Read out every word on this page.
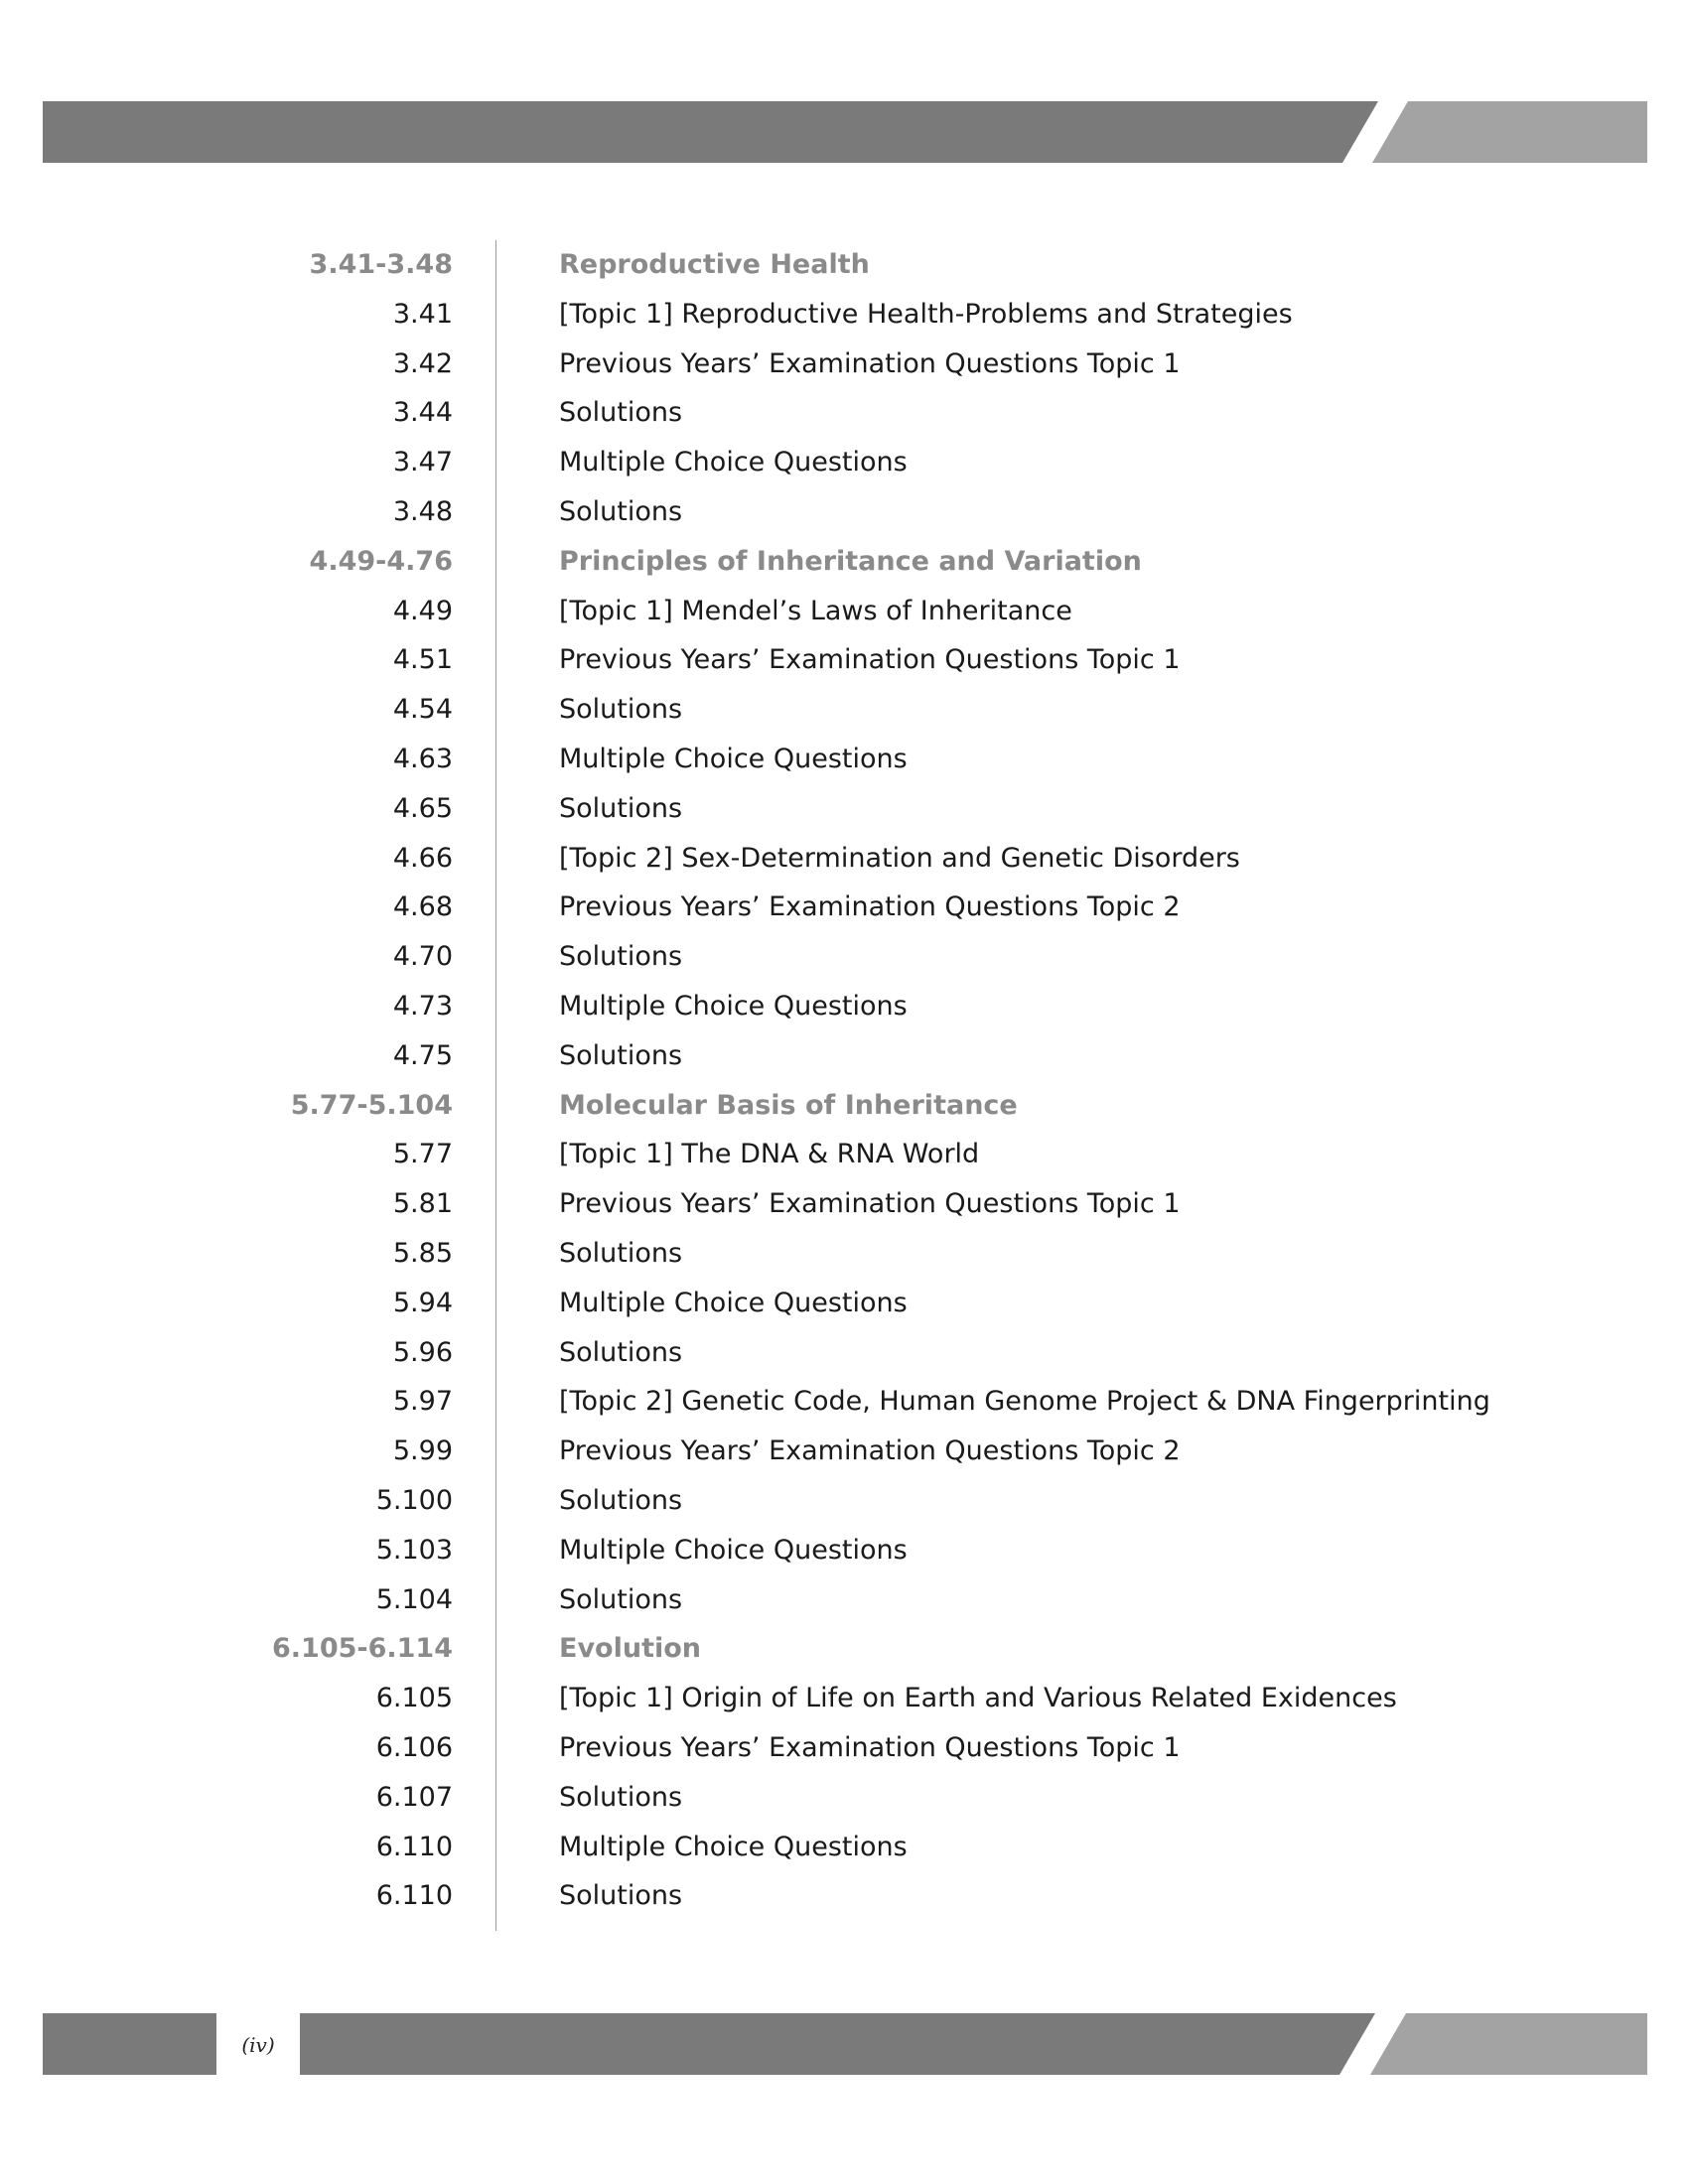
3.41-3.48	Reproductive Health
3.41	[Topic 1] Reproductive Health-Problems and Strategies
3.42	Previous Years’ Examination Questions Topic 1
3.44	Solutions
3.47	Multiple Choice Questions
3.48	Solutions
4.49-4.76	Principles of Inheritance and Variation
4.49	[Topic 1] Mendel’s Laws of Inheritance
4.51	Previous Years’ Examination Questions Topic 1
4.54	Solutions
4.63	Multiple Choice Questions
4.65	Solutions
4.66	[Topic 2] Sex-Determination and Genetic Disorders
4.68	Previous Years’ Examination Questions Topic 2
4.70	Solutions
4.73	Multiple Choice Questions
4.75	Solutions
5.77-5.104	Molecular Basis of Inheritance
5.77	[Topic 1] The DNA & RNA World
5.81	Previous Years’ Examination Questions Topic 1
5.85	Solutions
5.94	Multiple Choice Questions
5.96	Solutions
5.97	[Topic 2] Genetic Code, Human Genome Project & DNA Fingerprinting
5.99	Previous Years’ Examination Questions Topic 2
5.100	Solutions
5.103	Multiple Choice Questions
5.104	Solutions
6.105-6.114	Evolution
6.105	[Topic 1] Origin of Life on Earth and Various Related Exidences
6.106	Previous Years’ Examination Questions Topic 1
6.107	Solutions
6.110	Multiple Choice Questions
6.110	Solutions
(iv)
